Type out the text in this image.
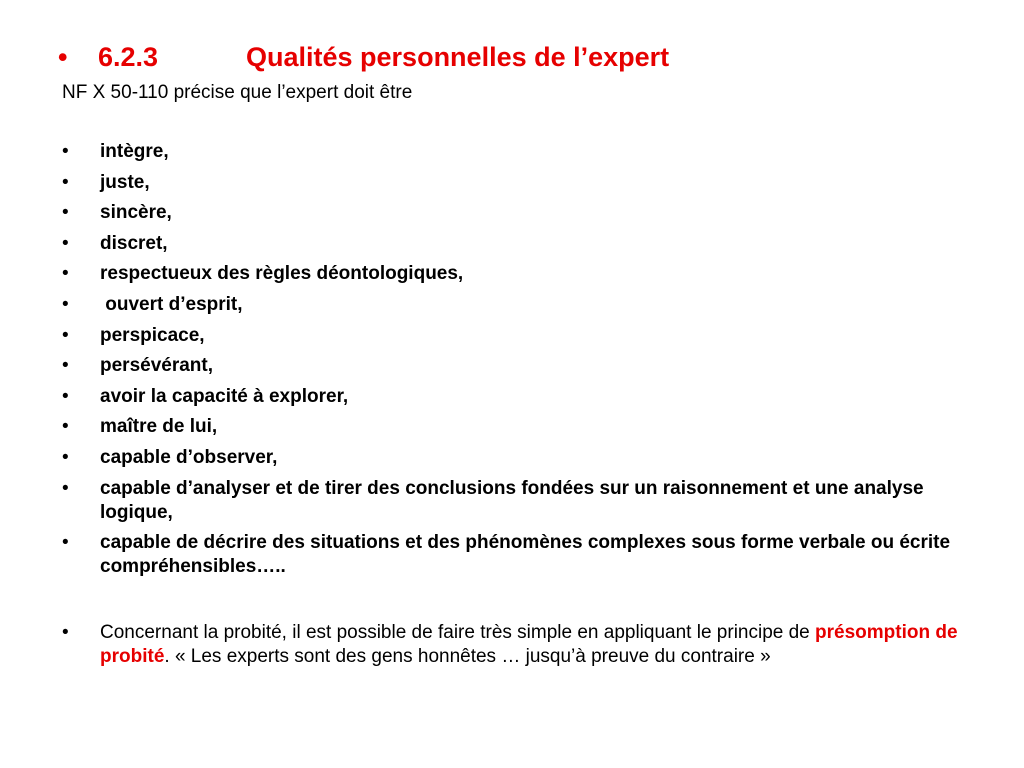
• 6.2.3	Qualités personnelles de l’expert
NF X 50-110 précise que l’expert doit être
• intègre,
• juste,
• sincère,
• discret,
• respectueux des règles déontologiques,
• ouvert d’esprit,
• perspicace,
• persévérant,
• avoir la capacité à explorer,
• maître de lui,
• capable d’observer,
• capable d’analyser et de tirer des conclusions fondées sur un raisonnement et une analyse logique,
• capable de décrire des situations et des phénomènes complexes sous forme verbale ou écrite compréhensibles…..
• Concernant la probité, il est possible de faire très simple en appliquant le principe de présomption de probité. « Les experts sont des gens honnêtes … jusqu’à preuve du contraire »
